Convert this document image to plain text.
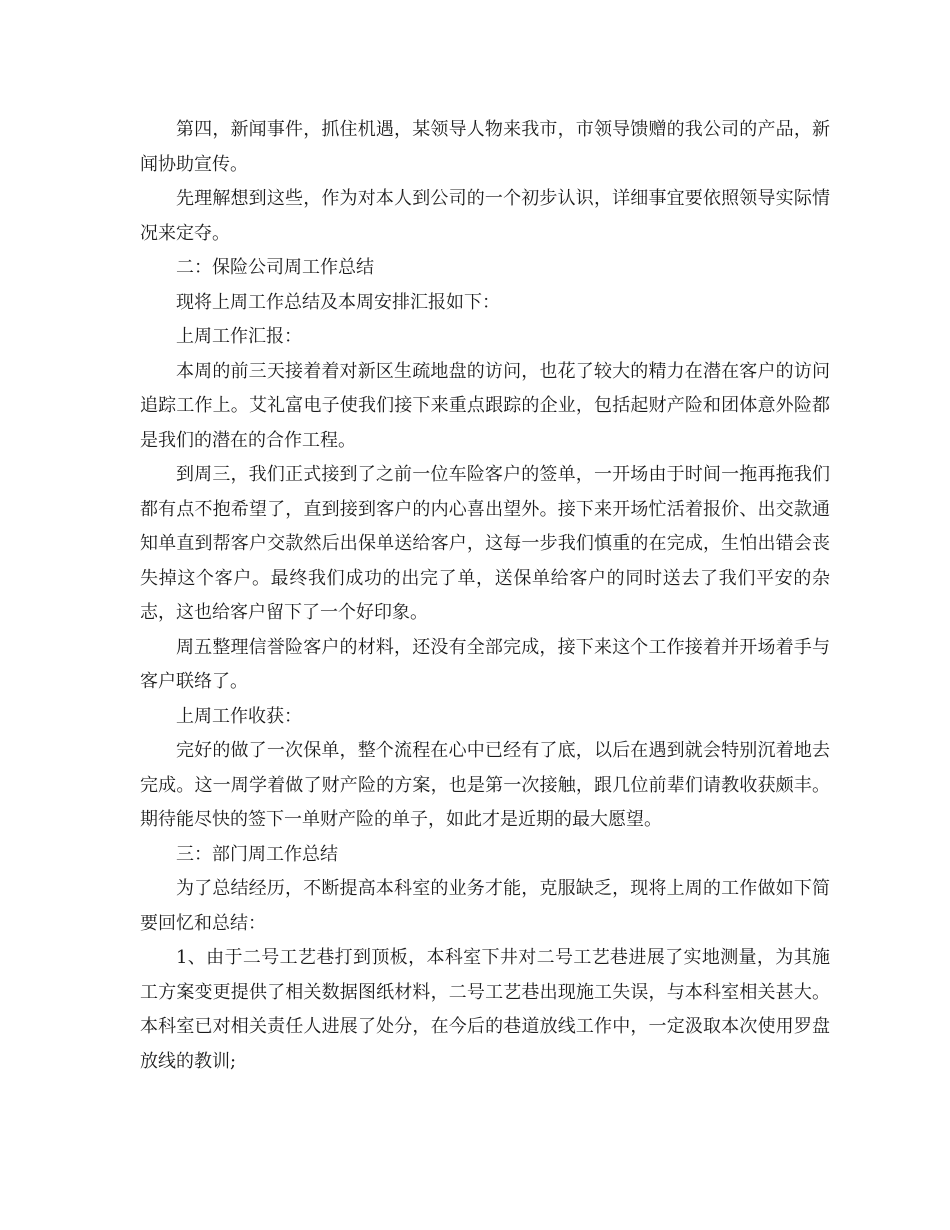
第四，新闻事件，抓住机遇，某领导人物来我市，市领导馈赠的我公司的产品，新闻协助宣传。

先理解想到这些，作为对本人到公司的一个初步认识，详细事宜要依照领导实际情况来定夺。

二：保险公司周工作总结

现将上周工作总结及本周安排汇报如下：

上周工作汇报：

本周的前三天接着着对新区生疏地盘的访问，也花了较大的精力在潜在客户的访问追踪工作上。艾礼富电子使我们接下来重点跟踪的企业，包括起财产险和团体意外险都是我们的潜在的合作工程。

到周三，我们正式接到了之前一位车险客户的签单，一开场由于时间一拖再拖我们都有点不抱希望了，直到接到客户的内心喜出望外。接下来开场忙活着报价、出交款通知单直到帮客户交款然后出保单送给客户，这每一步我们慎重的在完成，生怕出错会丧失掉这个客户。最终我们成功的出完了单，送保单给客户的同时送去了我们平安的杂志，这也给客户留下了一个好印象。

周五整理信誉险客户的材料，还没有全部完成，接下来这个工作接着并开场着手与客户联络了。

上周工作收获：

完好的做了一次保单，整个流程在心中已经有了底，以后在遇到就会特别沉着地去完成。这一周学着做了财产险的方案，也是第一次接触，跟几位前辈们请教收获颇丰。期待能尽快的签下一单财产险的单子，如此才是近期的最大愿望。

三：部门周工作总结

为了总结经历，不断提高本科室的业务才能，克服缺乏，现将上周的工作做如下简要回忆和总结：

1、由于二号工艺巷打到顶板，本科室下井对二号工艺巷进展了实地测量，为其施工方案变更提供了相关数据图纸材料，二号工艺巷出现施工失误，与本科室相关甚大。本科室已对相关责任人进展了处分，在今后的巷道放线工作中，一定汲取本次使用罗盘放线的教训;
